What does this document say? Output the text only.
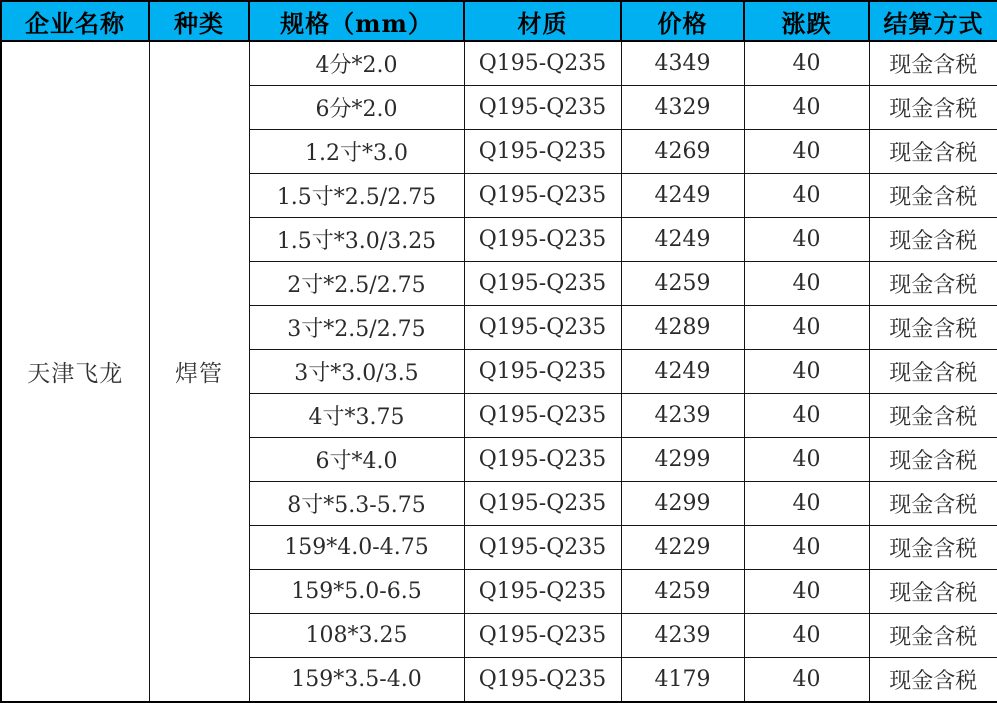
企业名称	种类	规格（mm）	材质	价格	涨跌	结算方式
天津飞龙	焊管	4分*2.0	Q195-Q235	4349	40	现金含税
		6分*2.0	Q195-Q235	4329	40	现金含税
		1.2寸*3.0	Q195-Q235	4269	40	现金含税
		1.5寸*2.5/2.75	Q195-Q235	4249	40	现金含税
		1.5寸*3.0/3.25	Q195-Q235	4249	40	现金含税
		2寸*2.5/2.75	Q195-Q235	4259	40	现金含税
		3寸*2.5/2.75	Q195-Q235	4289	40	现金含税
		3寸*3.0/3.5	Q195-Q235	4249	40	现金含税
		4寸*3.75	Q195-Q235	4239	40	现金含税
		6寸*4.0	Q195-Q235	4299	40	现金含税
		8寸*5.3-5.75	Q195-Q235	4299	40	现金含税
		159*4.0-4.75	Q195-Q235	4229	40	现金含税
		159*5.0-6.5	Q195-Q235	4259	40	现金含税
		108*3.25	Q195-Q235	4239	40	现金含税
		159*3.5-4.0	Q195-Q235	4179	40	现金含税
